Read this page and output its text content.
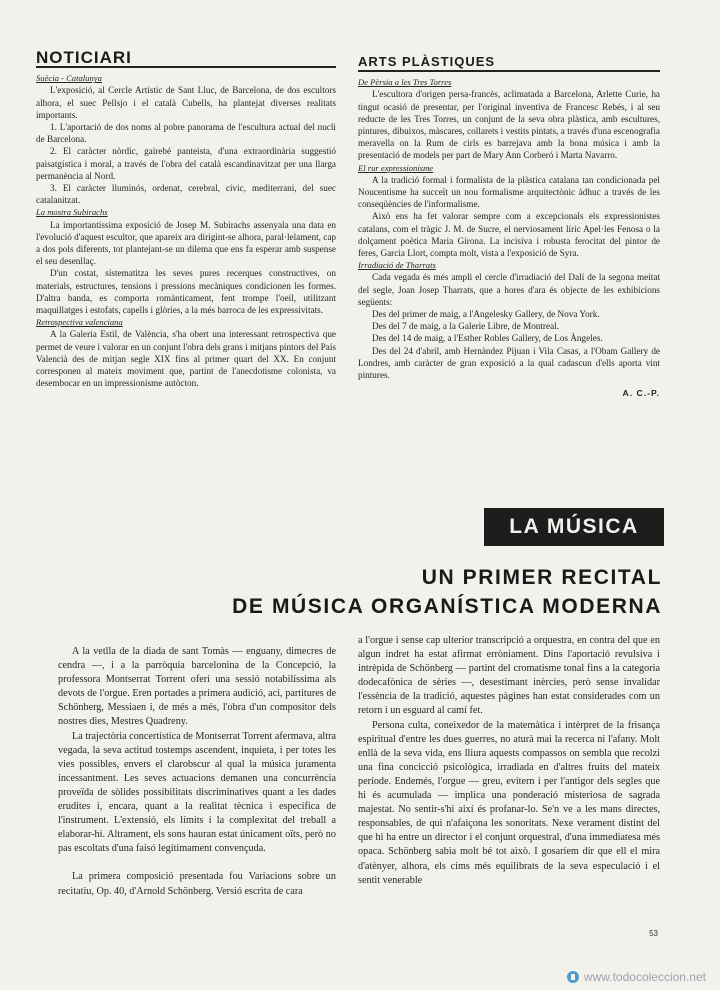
NOTICIARI

Suècia - Catalunya

L'exposició, al Cercle Artístic de Sant Lluc, de Barcelona, de dos escultors alhora, el suec Pellsjo i el català Cubells, ha plantejat diverses realitats importants.

1. L'aportació de dos noms al pobre panorama de l'escultura actual del nucli de Barcelona.

2. El caràcter nòrdic, gairebé panteista, d'una extraordinària suggestió paisatgística i moral, a través de l'obra del català escandinavitzat per una llarga permanència al Nord.

3. El caràcter lluminós, ordenat, cerebral, cívic, mediterrani, del suec catalanitzat.

La mostra Subirachs

La importantíssima exposició de Josep M. Subirachs assenyala una data en l'evolució d'aquest escultor, que apareix ara dirigint-se alhora, paral·lelament, cap a dos pols diferents, tot plantejant-se un dilema que ens fa esperar amb suspense el seu desenllaç.

D'un costat, sistematitza les seves pures recerques constructives, on materials, estructures, tensions i pressions mecàniques condicionen les formes. D'altra banda, es comporta romànticament, fent trompe l'oeil, utilitzant maquillatges i estofats, capells i glòries, a la més barroca de les expressivitats.

Retrospectiva valenciana

A la Galeria Estil, de València, s'ha obert una interessant retrospectiva que permet de veure i valorar en un conjunt l'obra dels grans i mitjans pintors del País Valencià des de mitjan segle XIX fins al primer quart del XX. En conjunt corresponen al mateix moviment que, partint de l'anecdotisme colonista, va desembocar en un impressionisme autòcton.

ARTS PLÀSTIQUES

De Pèrsia a les Tres Torres

L'escultora d'origen persa-francès, aclimatada a Barcelona, Arlette Curie, ha tingut ocasió de presentar, per l'original inventiva de Francesc Rebés, i al seu reducte de les Tres Torres, un conjunt de la seva obra plàstica, amb escultures, pintures, dibuixos, màscares, collarets i vestits pintats, a través d'una escenografia meravella on la Rum de cirls es barrejava amb la bona música i amb la presentació de models per part de Mary Ann Corberó i Marta Navarro.

El rur expressionisme

A la tradició formal i formalista de la plàstica catalana tan condicionada pel Noucentisme ha succeït un nou formalisme arquitectònic àdhuc a través de les conseqüències de l'informalisme.

Això ens ha fet valorar sempre com a excepcionals els expressionistes catalans, com el tràgic J. M. de Sucre, el nerviosament líric Apel·les Fenosa o la dolçament poètica Maria Girona. La incisiva i robusta ferocitat del pintor de feres, Garcia Llort, compta molt, vista a l'exposició de Syra.

Irradiació de Tharrats

Cada vegada és més ampli el cercle d'irradiació del Dalí de la segona meitat del segle, Joan Josep Tharrats, que a hores d'ara és objecte de les exhibicions següents:

Des del primer de maig, a l'Angelesky Gallery, de Nova York.

Des del 7 de maig, a la Galerie Libre, de Montreal.

Des del 14 de maig, a l'Esther Robles Gallery, de Los Àngeles.

Des del 24 d'abril, amb Hernàndez Pijuan i Vila Casas, a l'Obam Gallery de Londres, amb caràcter de gran exposició a la qual cadascun d'ells aporta vint pintures.

A. C.-P.

LA MÚSICA
UN PRIMER RECITAL
DE MÚSICA ORGANÍSTICA MODERNA

A la vetlla de la diada de sant Tomàs — enguany, dimecres de cendra —, i a la parròquia barcelonina de la Concepció, la professora Montserrat Torrent oferí una sessió notabilíssima als devots de l'orgue. Eren portades a primera audició, aci, partitures de Schönberg, Messiaen i, de més a més, l'obra d'un compositor dels nostres dies, Mestres Quadreny.

La trajectòria concertística de Montserrat Torrent afermava, altra vegada, la seva actitud tostemps ascendent, inquieta, i per totes les vies possibles, envers el clarobscur al qual la música juramenta incessantment. Les seves actuacions demanen una concurrència proveïda de sòlides possibilitats discriminatives quant a les dades erudites i, encara, quant a la realitat tècnica i específica de l'instrument. L'extensió, els límits i la complexitat del treball a elaborar-hi. Altrament, els sons hauran estat únicament oïts, però no pas escoltats d'una faisó legítimament convençuda.

La primera composició presentada fou Variacions sobre un recitatiu, Op. 40, d'Arnold Schönberg. Versió escrita de cara

a l'orgue i sense cap ulterior transcripció a orquestra, en contra del que en algun indret ha estat afirmat erròniament. Dins l'aportació revulsiva i intrèpida de Schönberg — partint del cromatisme tonal fins a la categoria dodecafònica de sèries —, desestimant inèrcies, però sense invalidar l'essència de la tradició, aquestes pàgines han estat considerades com un retorn i un esguard al camí fet.

Persona culta, coneixedor de la matemàtica i intèrpret de la frisança espiritual d'entre les dues guerres, no aturà mai la recerca ni l'afany. Molt enllà de la seva vida, ens lliura aquests compassos on sembla que recolzi una fina concicció psicològica, irradiada en d'altres fruits del mateix període. Endemés, l'orgue — greu, evitern i per l'antigor dels segles que hi és acumulada — implica una ponderació misteriosa de sagrada majestat. No sentir-s'hi així és profanar-lo. Se'n ve a les mans directes, responsables, de qui n'afaiçona les sonoritats. Nexe verament distint del que hi ha entre un director i el conjunt orquestral, d'una immediatesa més opaca. Schönberg sabia molt bé tot això. I gosaríem dir que ell el mira d'atènyer, alhora, els cims més equilibrats de la seva especulació i el sentit venerable

53
www.todocoleccion.net
